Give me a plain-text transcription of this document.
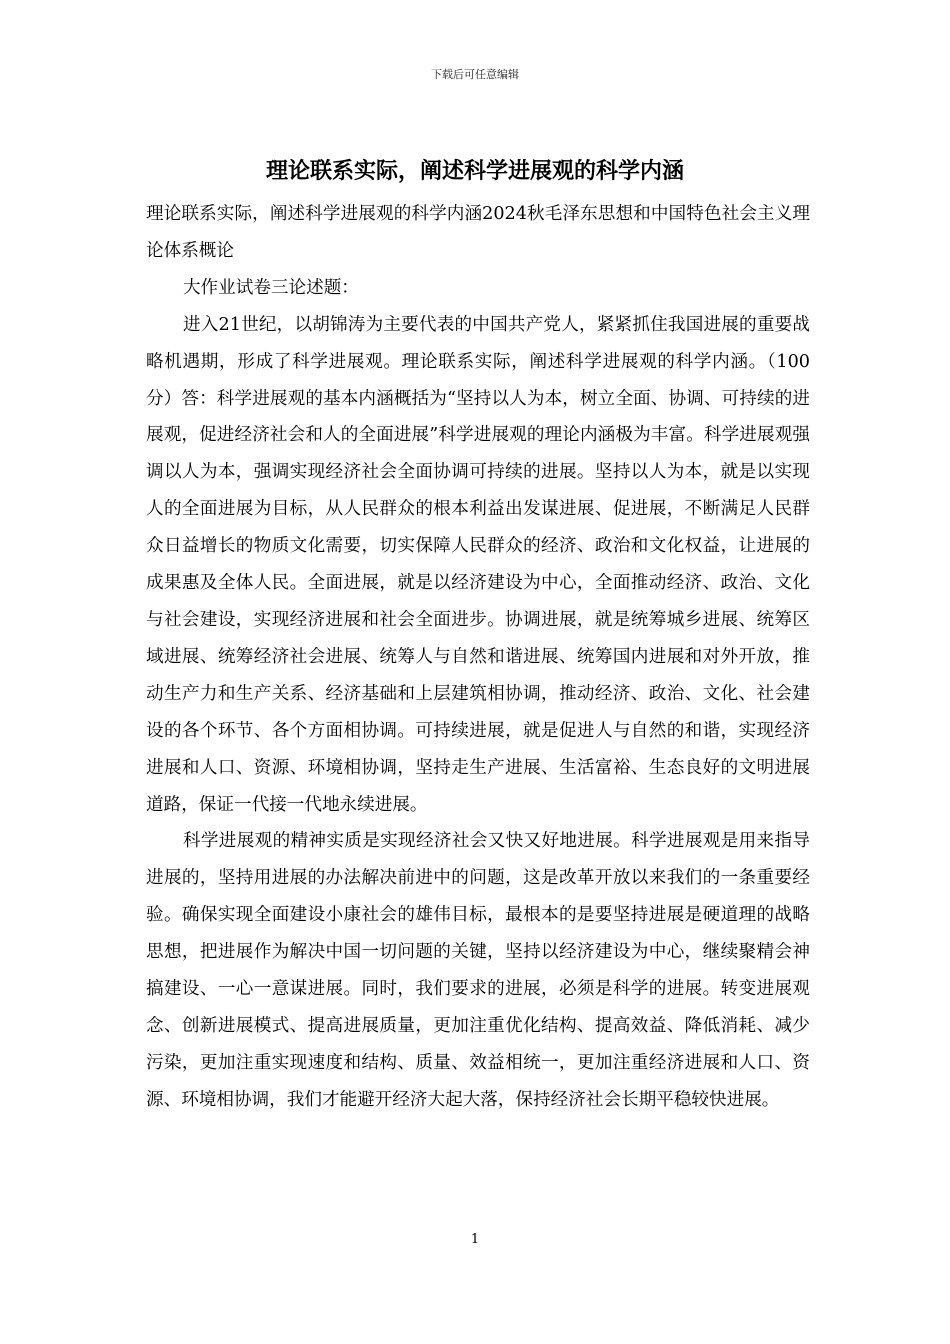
下载后可任意编辑
理论联系实际，阐述科学进展观的科学内涵

理论联系实际，阐述科学进展观的科学内涵2024秋毛泽东思想和中国特色社会主义理论体系概论

大作业试卷三论述题：

进入21世纪，以胡锦涛为主要代表的中国共产党人，紧紧抓住我国进展的重要战略机遇期，形成了科学进展观。理论联系实际，阐述科学进展观的科学内涵。（100分）答：科学进展观的基本内涵概括为“坚持以人为本，树立全面、协调、可持续的进展观，促进经济社会和人的全面进展”科学进展观的理论内涵极为丰富。科学进展观强调以人为本，强调实现经济社会全面协调可持续的进展。坚持以人为本，就是以实现人的全面进展为目标，从人民群众的根本利益出发谋进展、促进展，不断满足人民群众日益增长的物质文化需要，切实保障人民群众的经济、政治和文化权益，让进展的成果惠及全体人民。全面进展，就是以经济建设为中心，全面推动经济、政治、文化与社会建设，实现经济进展和社会全面进步。协调进展，就是统筹城乡进展、统筹区域进展、统筹经济社会进展、统筹人与自然和谐进展、统筹国内进展和对外开放，推动生产力和生产关系、经济基础和上层建筑相协调，推动经济、政治、文化、社会建设的各个环节、各个方面相协调。可持续进展，就是促进人与自然的和谐，实现经济进展和人口、资源、环境相协调，坚持走生产进展、生活富裕、生态良好的文明进展道路，保证一代接一代地永续进展。

科学进展观的精神实质是实现经济社会又快又好地进展。科学进展观是用来指导进展的，坚持用进展的办法解决前进中的问题，这是改革开放以来我们的一条重要经验。确保实现全面建设小康社会的雄伟目标，最根本的是要坚持进展是硬道理的战略思想，把进展作为解决中国一切问题的关键，坚持以经济建设为中心，继续聚精会神搞建设、一心一意谋进展。同时，我们要求的进展，必须是科学的进展。转变进展观念、创新进展模式、提高进展质量，更加注重优化结构、提高效益、降低消耗、减少污染，更加注重实现速度和结构、质量、效益相统一，更加注重经济进展和人口、资源、环境相协调，我们才能避开经济大起大落，保持经济社会长期平稳较快进展。

1
